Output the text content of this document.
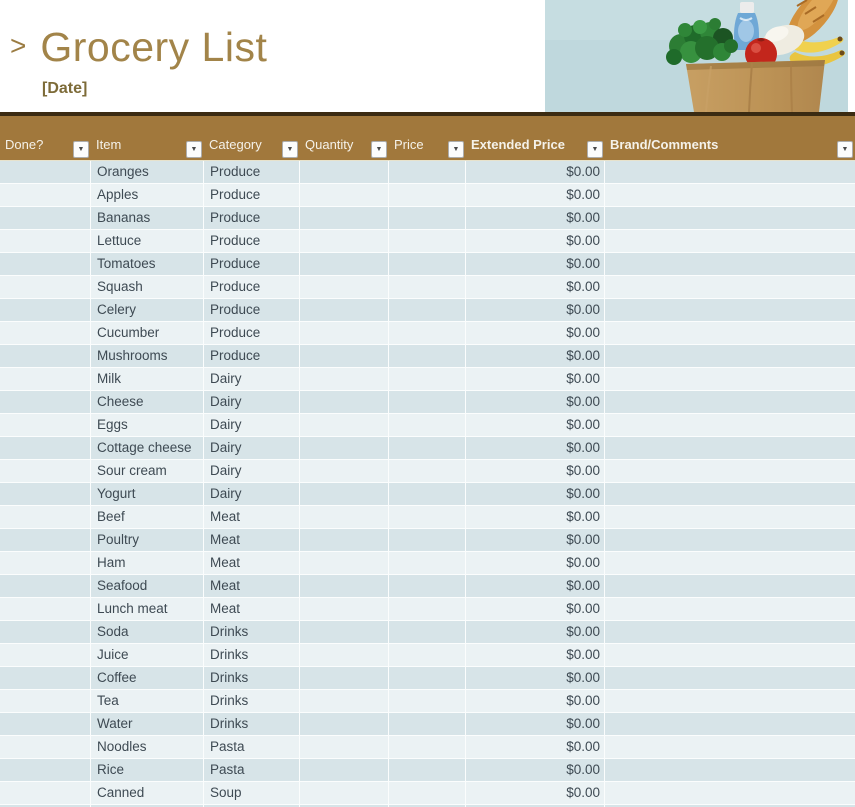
> Grocery List
[Date]
Done?	▼ Item	▼ Category	▼ Quantity	▼ Price	▼ Extended Price	▼ Brand/Comments	▼
Oranges	Produce	$0.00
Apples	Produce	$0.00
Bananas	Produce	$0.00
Lettuce	Produce	$0.00
Tomatoes	Produce	$0.00
Squash	Produce	$0.00
Celery	Produce	$0.00
Cucumber	Produce	$0.00
Mushrooms	Produce	$0.00
Milk	Dairy	$0.00
Cheese	Dairy	$0.00
Eggs	Dairy	$0.00
Cottage cheese	Dairy	$0.00
Sour cream	Dairy	$0.00
Yogurt	Dairy	$0.00
Beef	Meat	$0.00
Poultry	Meat	$0.00
Ham	Meat	$0.00
Seafood	Meat	$0.00
Lunch meat	Meat	$0.00
Soda	Drinks	$0.00
Juice	Drinks	$0.00
Coffee	Drinks	$0.00
Tea	Drinks	$0.00
Water	Drinks	$0.00
Noodles	Pasta	$0.00
Rice	Pasta	$0.00
Canned	Soup	$0.00
